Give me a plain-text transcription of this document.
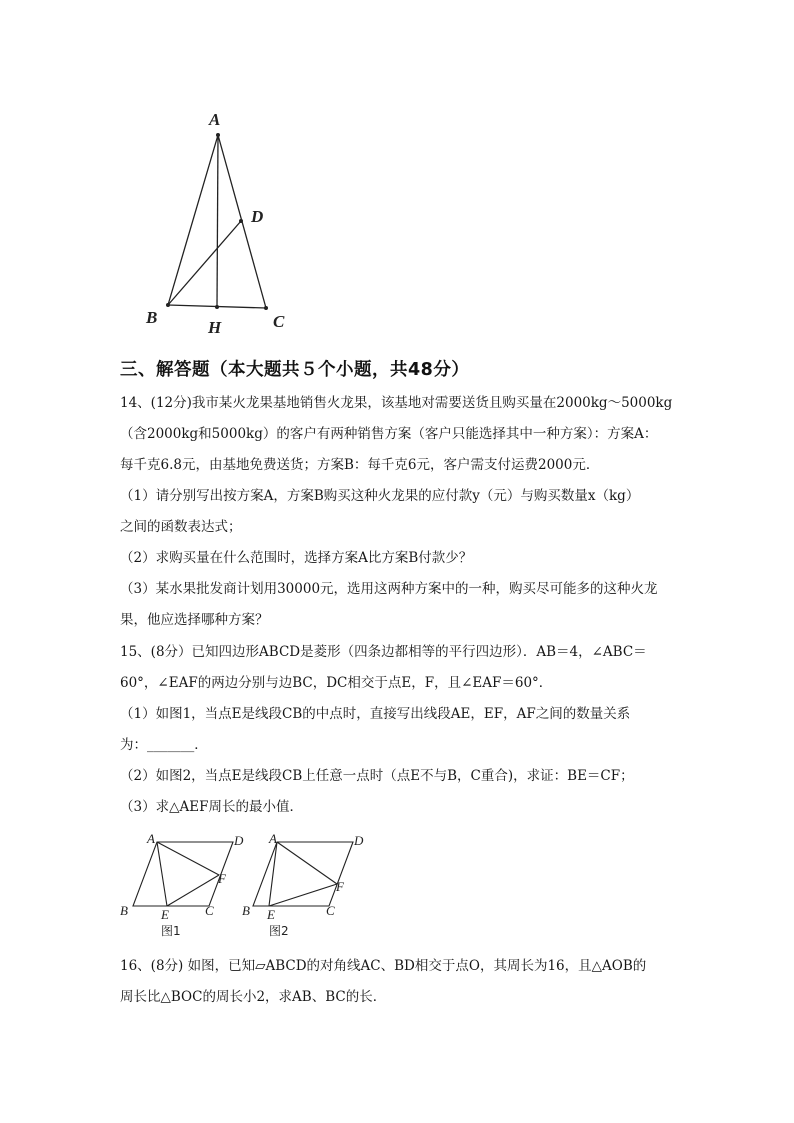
A
D
B
H	C
三、解答题（本大题共５个小题，共48分）
14、(12分)我市某火龙果基地销售火龙果，该基地对需要送货且购买量在2000kg～5000kg
（含2000kg和5000kg）的客户有两种销售方案（客户只能选择其中一种方案）：方案A：
每千克6.8元，由基地免费送货；方案B：每千克6元，客户需支付运费2000元．
（1）请分别写出按方案A，方案B购买这种火龙果的应付款y（元）与购买数量x（kg）
之间的函数表达式；
（2）求购买量在什么范围时，选择方案A比方案B付款少？
（3）某水果批发商计划用30000元，选用这两种方案中的一种，购买尽可能多的这种火龙
果，他应选择哪种方案？
15、(8分）已知四边形ABCD是菱形（四条边都相等的平行四边形）．AB＝4，∠ABC＝
60°，∠EAF的两边分别与边BC，DC相交于点E，F，且∠EAF＝60°．
（1）如图1，当点E是线段CB的中点时，直接写出线段AE，EF，AF之间的数量关系
为：_______．
（2）如图2，当点E是线段CB上任意一点时（点E不与B，C重合)，求证：BE＝CF；
（3）求△AEF周长的最小值．
A	D
B	E	C
F
图1
A	D
B E	C
F
图2
16、(8分) 如图，已知▱ABCD的对角线AC、BD相交于点O，其周长为16，且△AOB的
周长比△BOC的周长小2，求AB、BC的长．
